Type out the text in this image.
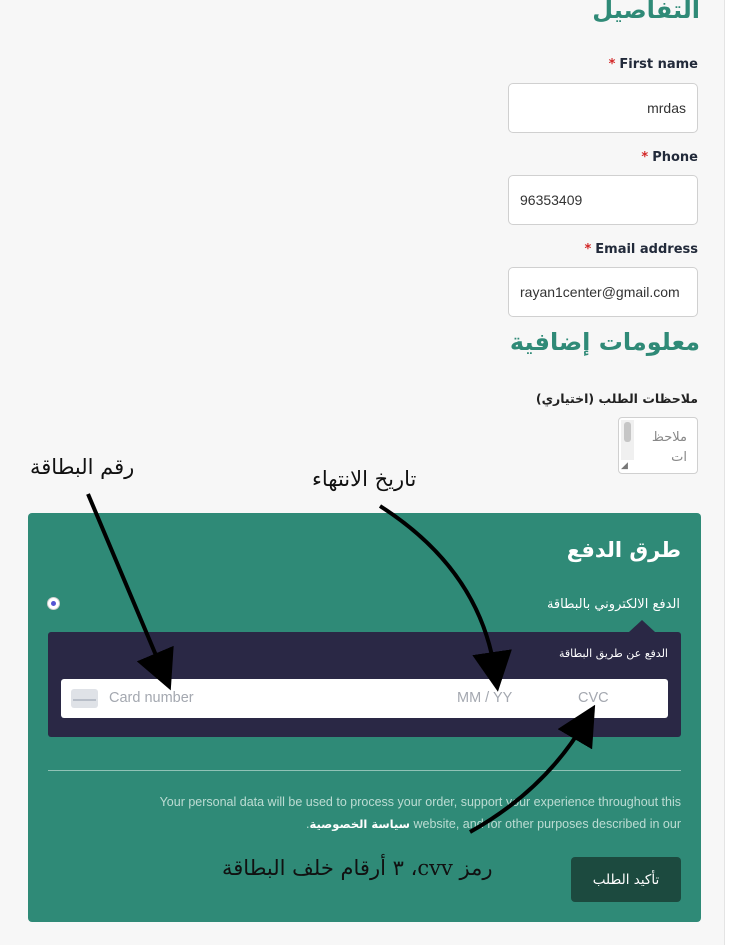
التفاصيل
* First name
mrdas
* Phone
96353409
* Email address
rayan1center@gmail.com
معلومات إضافية
ملاحظات الطلب (اختياري)
ملاحظ ات
◢
طرق الدفع
الدفع الالكتروني بالبطاقة
الدفع عن طريق البطاقة
Card number	MM / YY	CVC
Your personal data will be used to process your order, support your experience throughout this
.سياسة الخصوصية website, and for other purposes described in our
تأكيد الطلب
رقم البطاقة	تاريخ الانتهاء
رمز cvv، ٣ أرقام خلف البطاقة
